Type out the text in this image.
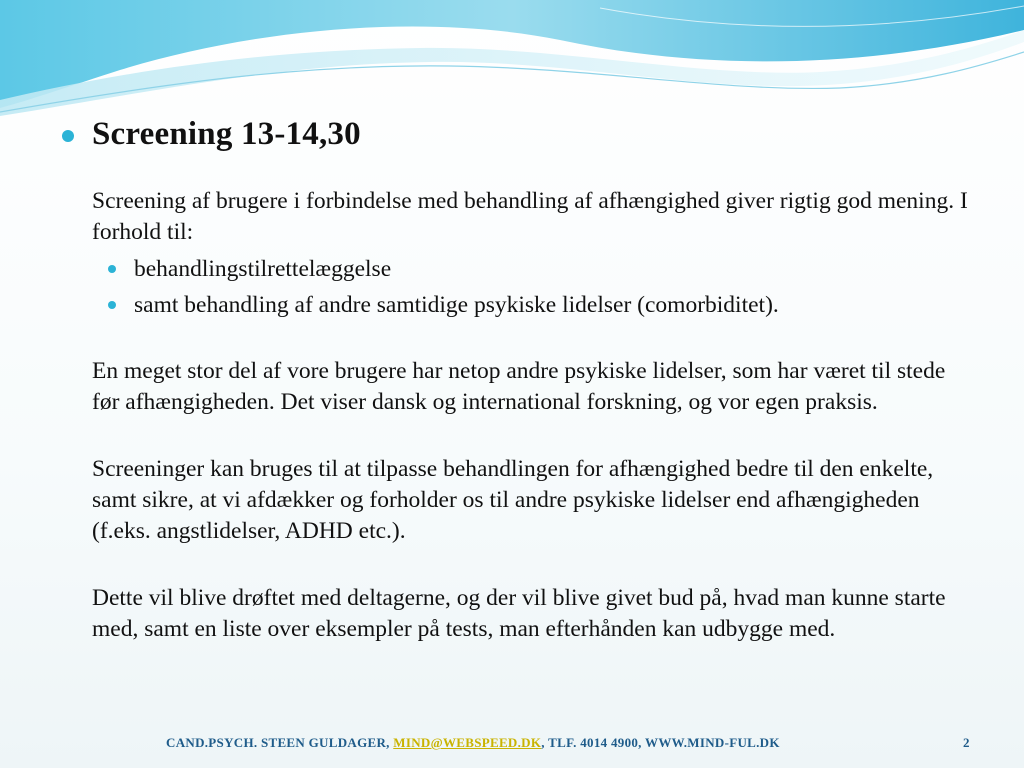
Screening 13-14,30

Screening af brugere i forbindelse med behandling af afhængighed giver rigtig god mening. I forhold til:

behandlingstilrettelæggelse
samt behandling af andre samtidige psykiske lidelser (comorbiditet).

En meget stor del af vore brugere har netop andre psykiske lidelser, som har været til stede før afhængigheden. Det viser dansk og international forskning, og vor egen praksis.

Screeninger kan bruges til at tilpasse behandlingen for afhængighed bedre til den enkelte, samt sikre, at vi afdækker og forholder os til andre psykiske lidelser end afhængigheden (f.eks. angstlidelser, ADHD etc.).

Dette vil blive drøftet med deltagerne, og der vil blive givet bud på, hvad man kunne starte med, samt en liste over eksempler på tests, man efterhånden kan udbygge med.

CAND.PSYCH. STEEN GULDAGER, MIND@WEBSPEED.DK, TLF. 4014 4900, WWW.MIND-FUL.DK	2
